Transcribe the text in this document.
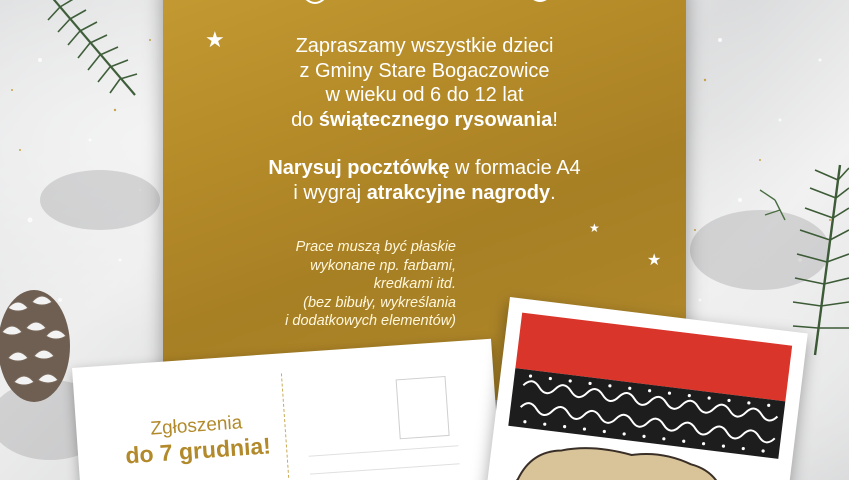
Zapraszamy wszystkie dzieci
z Gminy Stare Bogaczowice
w wieku od 6 do 12 lat
do świątecznego rysowania!
Narysuj pocztówkę w formacie A4
i wygraj atrakcyjne nagrody.
Prace muszą być płaskie
wykonane np. farbami,
kredkami itd.
(bez bibuły, wykreślania
i dodatkowych elementów)
★
★
★
Zgłoszenia
do 7 grudnia!
